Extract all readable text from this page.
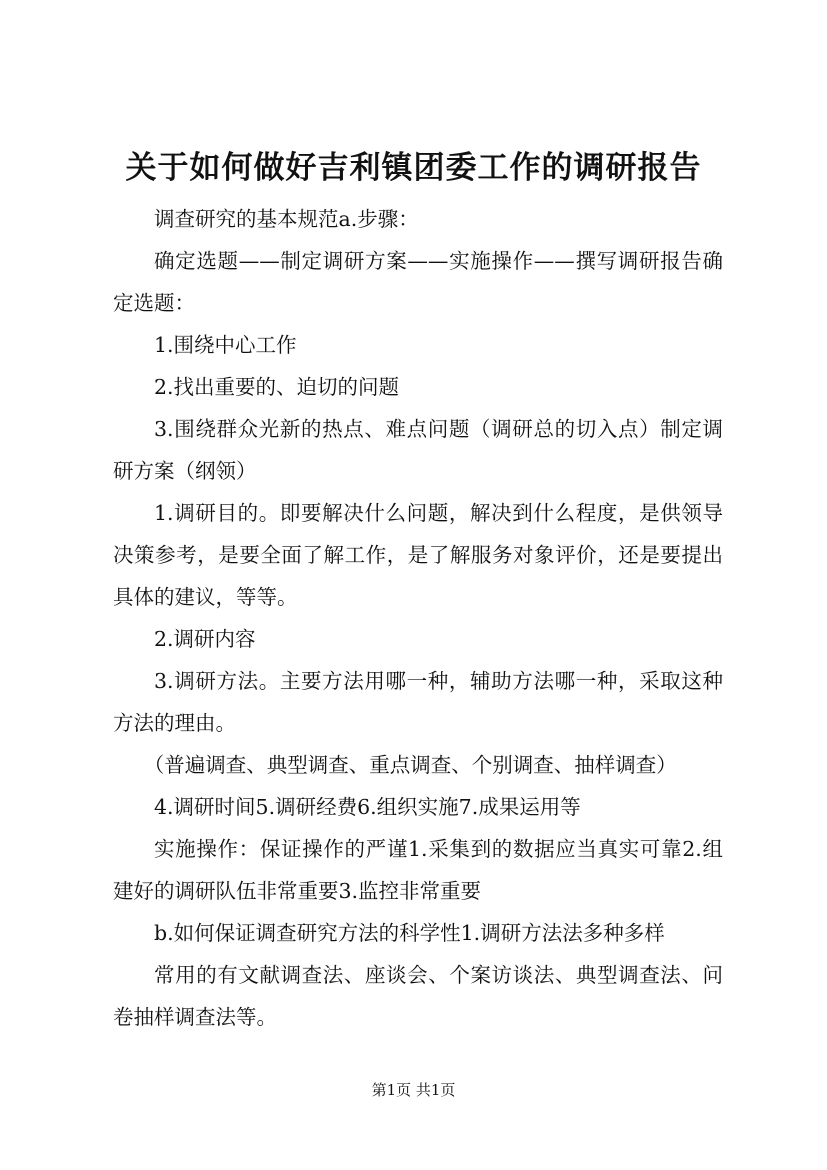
关于如何做好吉利镇团委工作的调研报告

调查研究的基本规范a.步骤：

确定选题——制定调研方案——实施操作——撰写调研报告确定选题：

1.围绕中心工作

2.找出重要的、迫切的问题

3.围绕群众光新的热点、难点问题（调研总的切入点）制定调研方案（纲领）

1.调研目的。即要解决什么问题，解决到什么程度，是供领导决策参考，是要全面了解工作，是了解服务对象评价，还是要提出具体的建议，等等。

2.调研内容

3.调研方法。主要方法用哪一种，辅助方法哪一种，采取这种方法的理由。

（普遍调查、典型调查、重点调查、个别调查、抽样调查）

4.调研时间5.调研经费6.组织实施7.成果运用等

实施操作：保证操作的严谨1.采集到的数据应当真实可靠2.组建好的调研队伍非常重要3.监控非常重要

b.如何保证调查研究方法的科学性1.调研方法法多种多样

常用的有文献调查法、座谈会、个案访谈法、典型调查法、问卷抽样调查法等。

第1页 共1页
